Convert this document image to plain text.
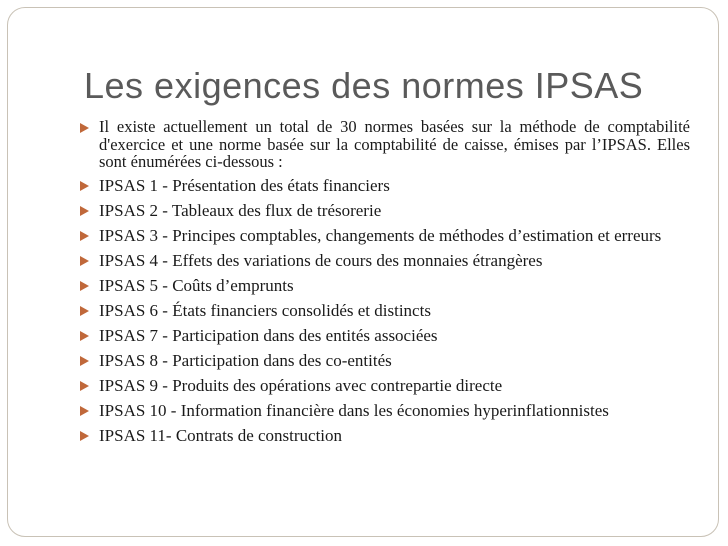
Les exigences des normes IPSAS
Il existe actuellement un total de 30 normes basées sur la méthode de comptabilité d'exercice et une norme basée sur la comptabilité de caisse, émises par l’IPSAS. Elles sont énumérées ci-dessous :
IPSAS 1 - Présentation des états financiers
IPSAS 2 - Tableaux des flux de trésorerie
IPSAS 3 - Principes comptables, changements de méthodes d’estimation et erreurs
IPSAS 4 - Effets des variations de cours des monnaies étrangères
IPSAS 5 - Coûts d’emprunts
IPSAS 6 - États financiers consolidés et distincts
IPSAS 7 - Participation dans des entités associées
IPSAS 8 - Participation dans des co-entités
IPSAS 9 - Produits des opérations avec contrepartie directe
IPSAS 10 - Information financière dans les économies hyperinflationnistes
IPSAS 11- Contrats de construction
